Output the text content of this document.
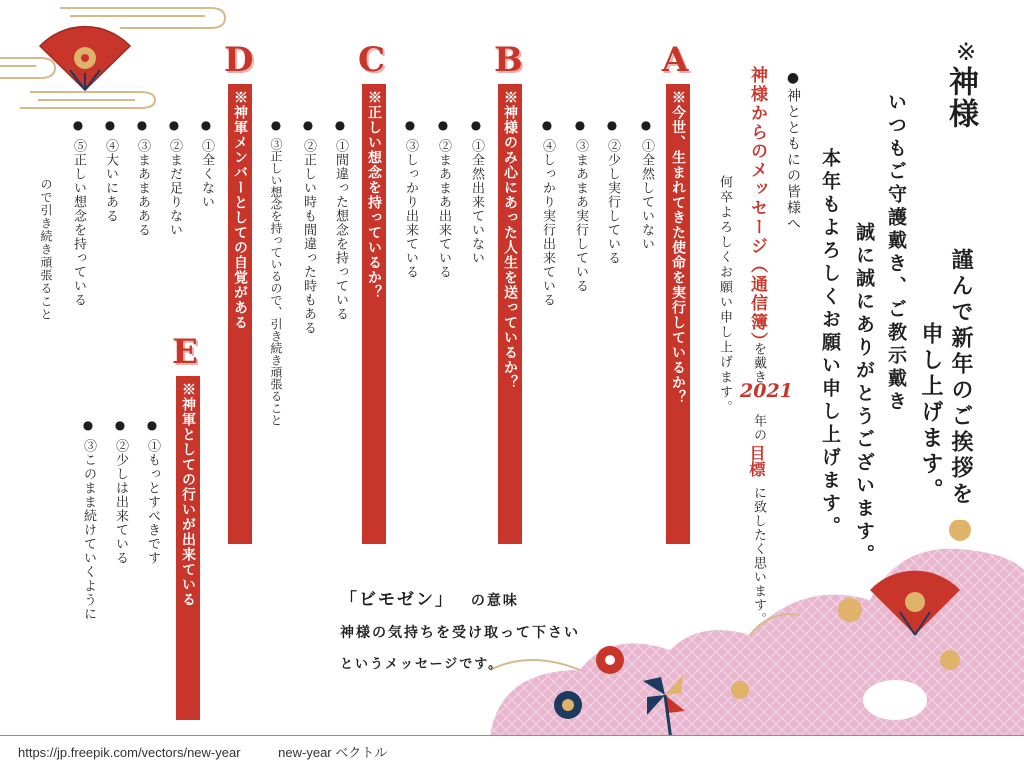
※
神様
謹んで新年のご挨拶を
申し上げます。
いつもご守護戴き、ご教示戴き
誠に誠にありがとうございます。
本年もよろしくお願い申し上げます。
●神とともにの皆様へ
神様からのメッセージ（通信簿）
を戴き
2021
年の
目標
に致したく思います。
何卒よろしくお願い申し上げます。
A
※今世、生まれてきた使命を実行しているか？
●①全然していない
●②少し実行している
●③まあまあ実行している
●④しっかり実行出来ている
B
※神様のみ心にあった人生を送っているか？
●①全然出来ていない
●②まあまあ出来ている
●③しっかり出来ている
C
※正しい想念を持っているか？
●①間違った想念を持っている
●②正しい時も間違った時もある
●③正しい想念を持っているので、引き続き頑張ること
D
※神軍メンバーとしての自覚がある
●①全くない
●②まだ足りない
●③まあまあある
●④大いにある
●⑤正しい想念を持っている
ので引き続き頑張ること
E
※神軍としての行いが出来ている
●①もっとすべきです
●②少しは出来ている
●③このまま続けていくように	「ビモゼン」 の意味
神様の気持ちを受け取って下さい
というメッセージです。
https://jp.freepik.com/vectors/new-year	new-year ベクトル
